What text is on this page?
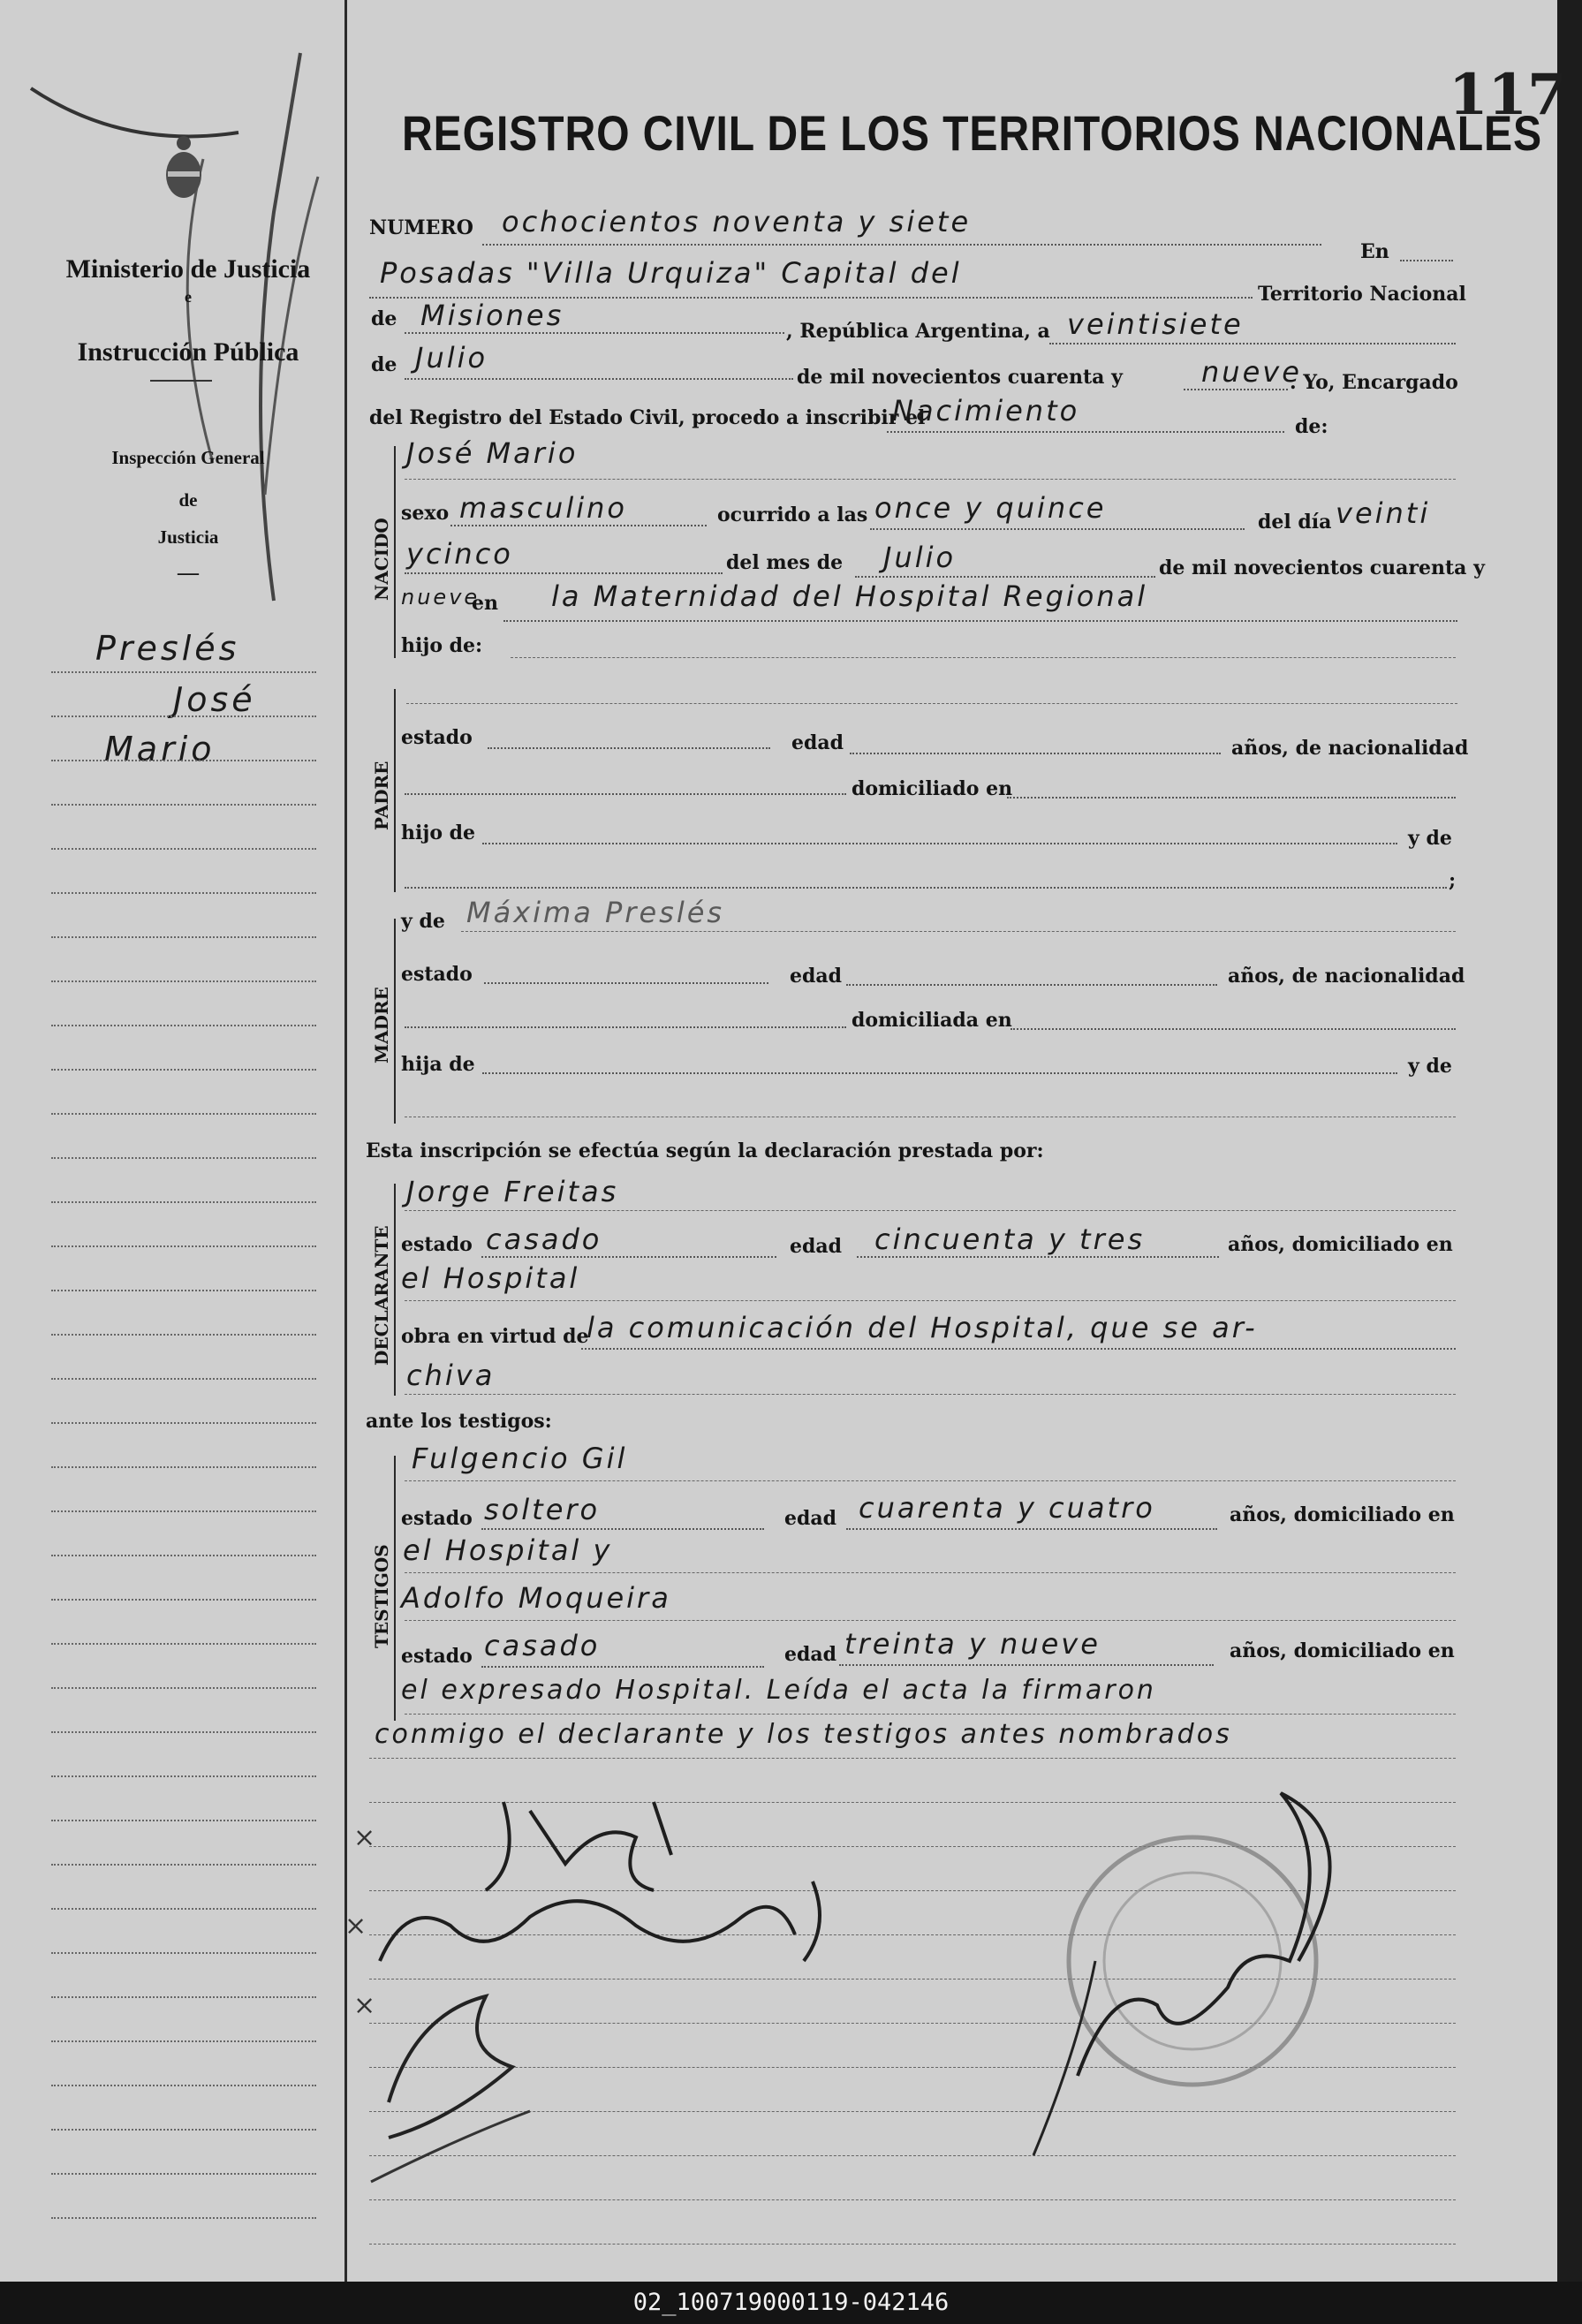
Ministerio de Justicia
e
Instrucción Pública
Inspección General
de
Justicia
—
Preslés
José
Mario
117
REGISTRO CIVIL DE LOS TERRITORIOS NACIONALES
NUMERO ochocientos noventa y siete
En
Posadas "Villa Urquiza" Capital del
Territorio Nacional
de Misiones	, República Argentina, a veintisiete
de Julio
de mil novecientos cuarenta y	nueve
. Yo, Encargado
del Registro del Estado Civil, procedo a inscribir el
Nacimiento	de:
NACIDO
José Mario
sexo masculino	ocurrido a las once y quince	del día veinti
ycinco	del mes de Julio	de mil novecientos cuarenta y
nueve
en la Maternidad del Hospital Regional
hijo de:
PADRE
estado	edad	años, de nacionalidad
domiciliado en
hijo de	y de
;
MADRE
y de Máxima Preslés
estado	edad	años, de nacionalidad
domiciliada en
hija de	y de
Esta inscripción se efectúa según la declaración prestada por:
DECLARANTE
Jorge Freitas
estado casado	edad cincuenta y tres	años, domiciliado en
el Hospital
obra en virtud de
la comunicación del Hospital, que se ar-
chiva
ante los testigos:
TESTIGOS
Fulgencio Gil
estado soltero	edad cuarenta y cuatro	años, domiciliado en
el Hospital y
Adolfo Moqueira
estado casado	edad treinta y nueve	años, domiciliado en
el expresado Hospital. Leída el acta la firmaron
conmigo el declarante y los testigos antes nombrados
×
×
×
02_100719000119-042146
